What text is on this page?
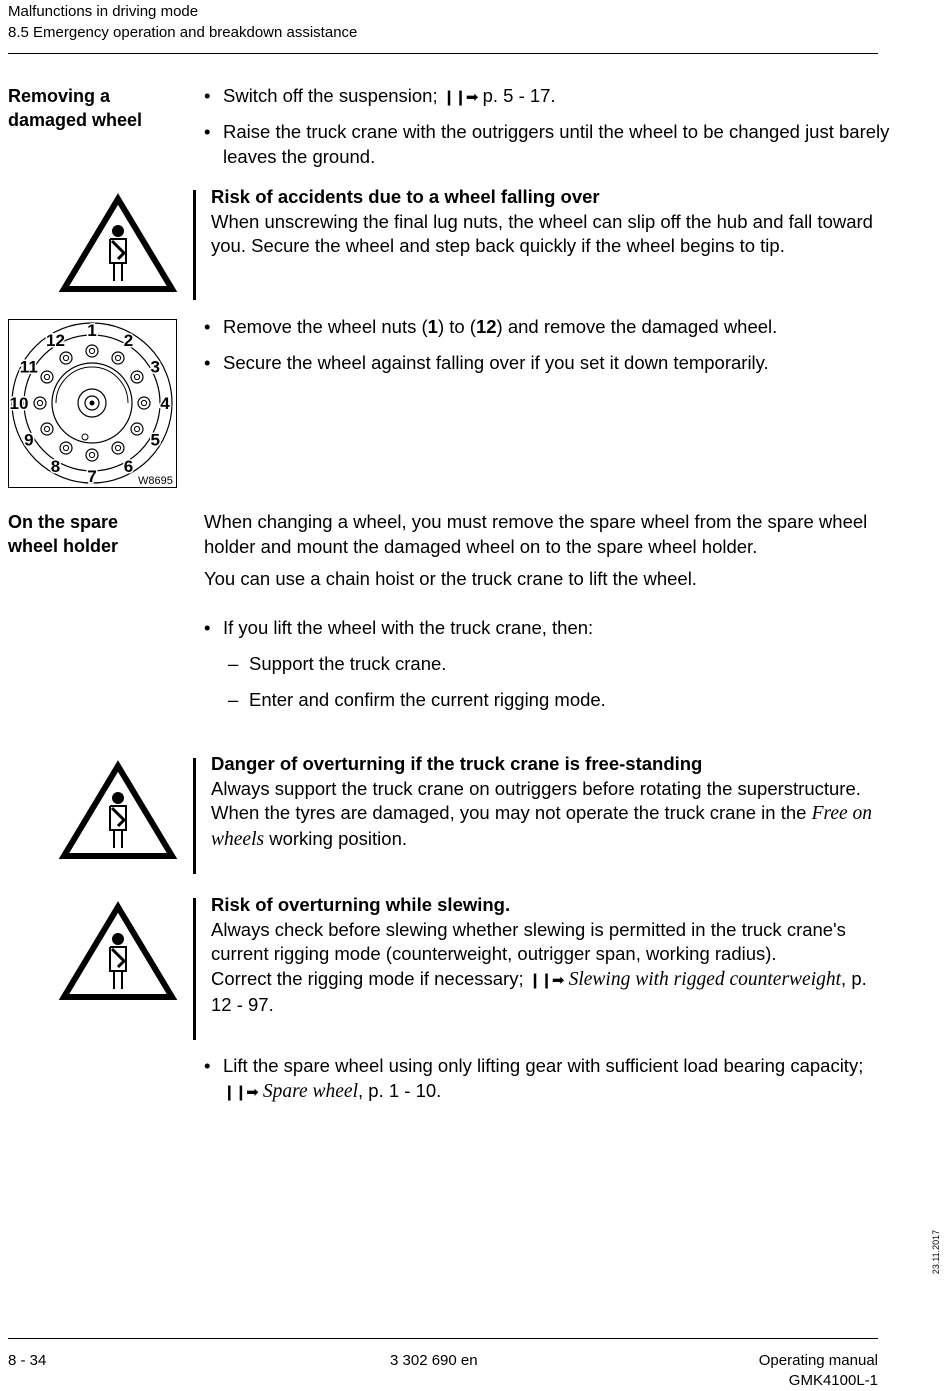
Malfunctions in driving mode
8.5 Emergency operation and breakdown assistance
Removing a
damaged wheel
• Switch off the suspension; ❙❙➡ p. 5 - 17.
• Raise the truck crane with the outriggers until the wheel to be changed just barely leaves the ground.
Risk of accidents due to a wheel falling over
When unscrewing the final lug nuts, the wheel can slip off the hub and fall toward you. Secure the wheel and step back quickly if the wheel begins to tip.
1
2
3
4
5
6
7
8
9
10
11
12
W8695
• Remove the wheel nuts (1) to (12) and remove the damaged wheel.
• Secure the wheel against falling over if you set it down temporarily.
On the spare
wheel holder
When changing a wheel, you must remove the spare wheel from the spare wheel holder and mount the damaged wheel on to the spare wheel holder.
You can use a chain hoist or the truck crane to lift the wheel.
• If you lift the wheel with the truck crane, then:
– Support the truck crane.
– Enter and confirm the current rigging mode.
Danger of overturning if the truck crane is free-standing
Always support the truck crane on outriggers before rotating the superstructure.
When the tyres are damaged, you may not operate the truck crane in the Free on wheels working position.
Risk of overturning while slewing.
Always check before slewing whether slewing is permitted in the truck crane's current rigging mode (counterweight, outrigger span, working radius).
Correct the rigging mode if necessary; ❙❙➡ Slewing with rigged counterweight, p. 12 - 97.
• Lift the spare wheel using only lifting gear with sufficient load bearing capacity; ❙❙➡ Spare wheel, p. 1 - 10.
23.11.2017
8 - 34	3 302 690 en	Operating manual
GMK4100L-1
